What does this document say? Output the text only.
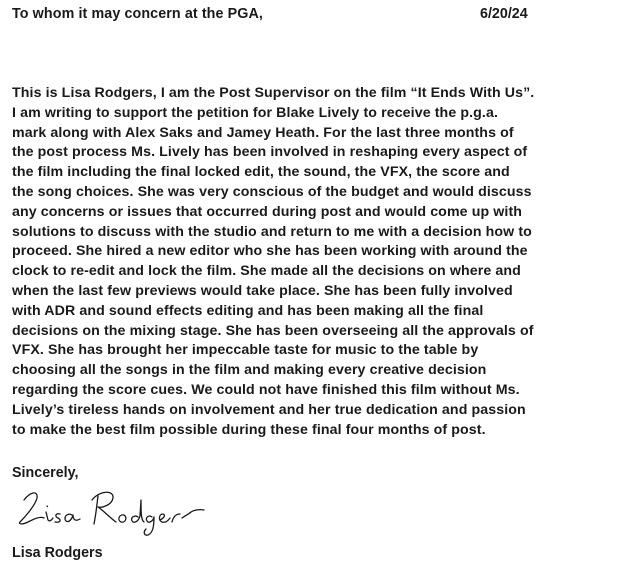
To whom it may concern at the PGA,	6/20/24
This is Lisa Rodgers, I am the Post Supervisor on the film “It Ends With Us”.
I am writing to support the petition for Blake Lively to receive the p.g.a.
mark along with Alex Saks and Jamey Heath. For the last three months of
the post process Ms. Lively has been involved in reshaping every aspect of
the film including the final locked edit, the sound, the VFX, the score and
the song choices. She was very conscious of the budget and would discuss
any concerns or issues that occurred during post and would come up with
solutions to discuss with the studio and return to me with a decision how to
proceed. She hired a new editor who she has been working with around the
clock to re-edit and lock the film. She made all the decisions on where and
when the last few previews would take place. She has been fully involved
with ADR and sound effects editing and has been making all the final
decisions on the mixing stage. She has been overseeing all the approvals of
VFX. She has brought her impeccable taste for music to the table by
choosing all the songs in the film and making every creative decision
regarding the score cues. We could not have finished this film without Ms.
Lively’s tireless hands on involvement and her true dedication and passion
to make the best film possible during these final four months of post.
Sincerely,
Lisa Rodgers
